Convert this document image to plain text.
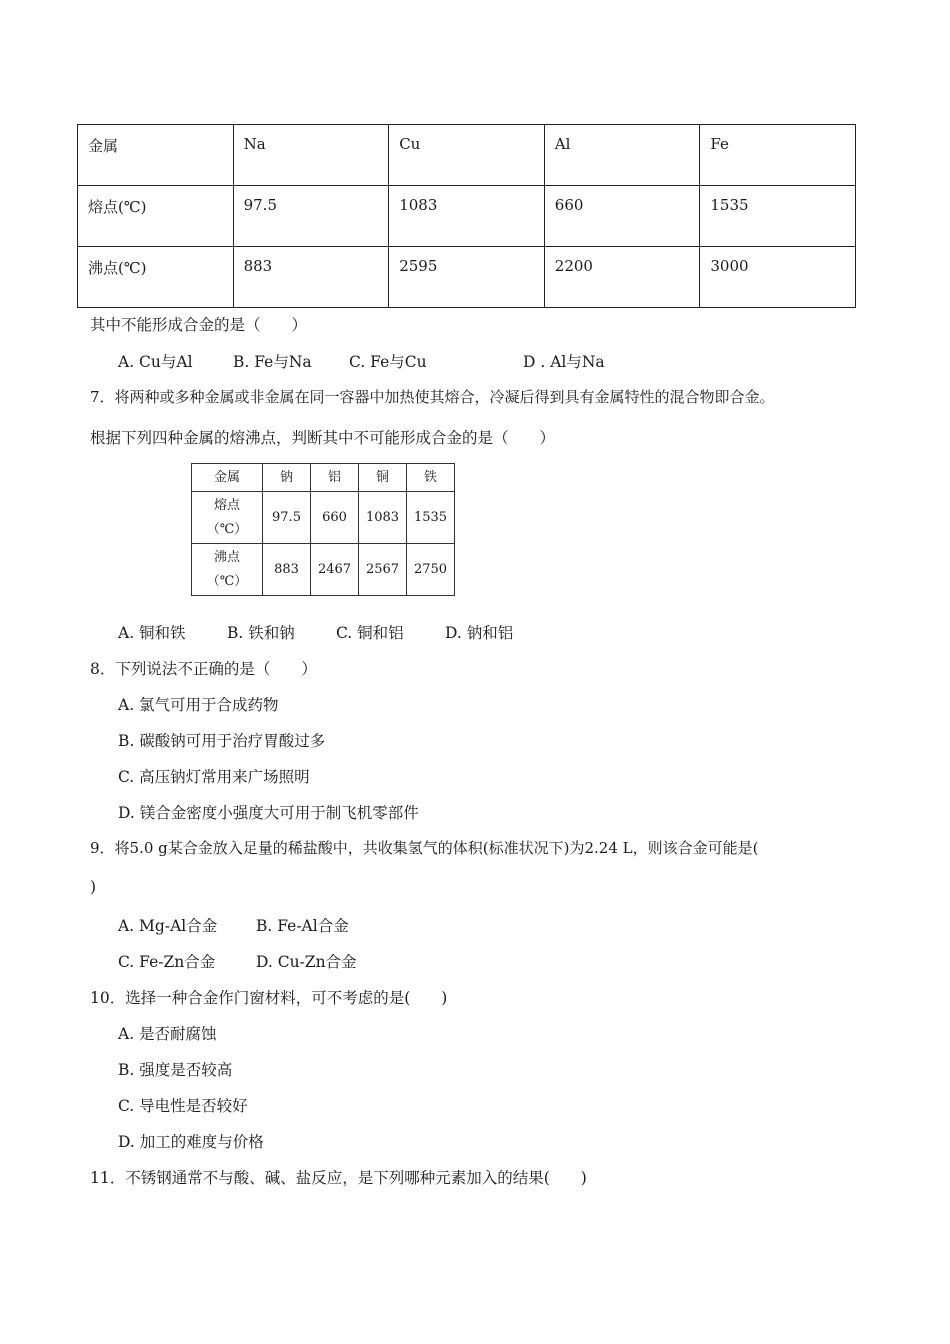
金属	Na	Cu	Al	Fe
熔点(℃)	97.5	1083	660	1535
沸点(℃)	883	2595	2200	3000
其中不能形成合金的是（　　）
A. Cu与Al	B. Fe与Na C. Fe与Cu	D . Al与Na
7．将两种或多种金属或非金属在同一容器中加热使其熔合，冷凝后得到具有金属特性的混合物即合金。
根据下列四种金属的熔沸点，判断其中不可能形成合金的是（　　）
金属	钠	铝	铜	铁

熔点
（℃）	97.5	660	1083	1535

沸点
（℃）	883	2467	2567	2750
A. 铜和铁	B. 铁和钠	C. 铜和铝	D. 钠和铝
8．下列说法不正确的是（　　）
A. 氯气可用于合成药物
B. 碳酸钠可用于治疗胃酸过多
C. 高压钠灯常用来广场照明
D. 镁合金密度小强度大可用于制飞机零部件
9．将5.0 g某合金放入足量的稀盐酸中，共收集氢气的体积(标准状况下)为2.24 L，则该合金可能是(
)
A. Mg-Al合金	B. Fe-Al合金
C. Fe-Zn合金	D. Cu-Zn合金
10．选择一种合金作门窗材料，可不考虑的是(　　)
A. 是否耐腐蚀
B. 强度是否较高
C. 导电性是否较好
D. 加工的难度与价格
11．不锈钢通常不与酸、碱、盐反应，是下列哪种元素加入的结果(　　)
